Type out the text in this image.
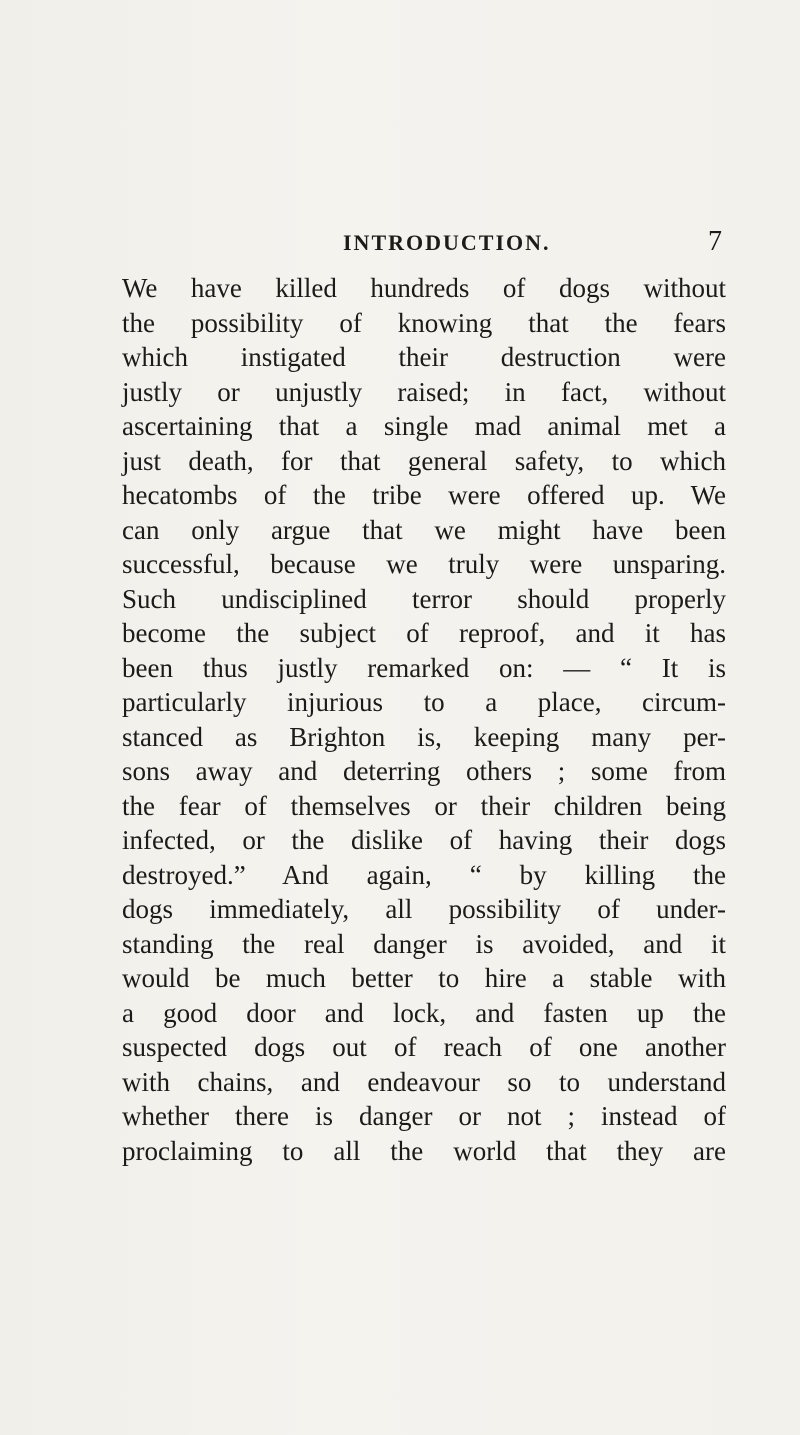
INTRODUCTION.	7
We have killed hundreds of dogs without
the possibility of knowing that the fears
which instigated their destruction were
justly or unjustly raised; in fact, without
ascertaining that a single mad animal met a
just death, for that general safety, to which
hecatombs of the tribe were offered up. We
can only argue that we might have been
successful, because we truly were unsparing.
Such undisciplined terror should properly
become the subject of reproof, and it has
been thus justly remarked on: — “ It is
particularly injurious to a place, circum-
stanced as Brighton is, keeping many per-
sons away and deterring others ; some from
the fear of themselves or their children being
infected, or the dislike of having their dogs
destroyed.” And again, “ by killing the
dogs immediately, all possibility of under-
standing the real danger is avoided, and it
would be much better to hire a stable with
a good door and lock, and fasten up the
suspected dogs out of reach of one another
with chains, and endeavour so to understand
whether there is danger or not ; instead of
proclaiming to all the world that they are
